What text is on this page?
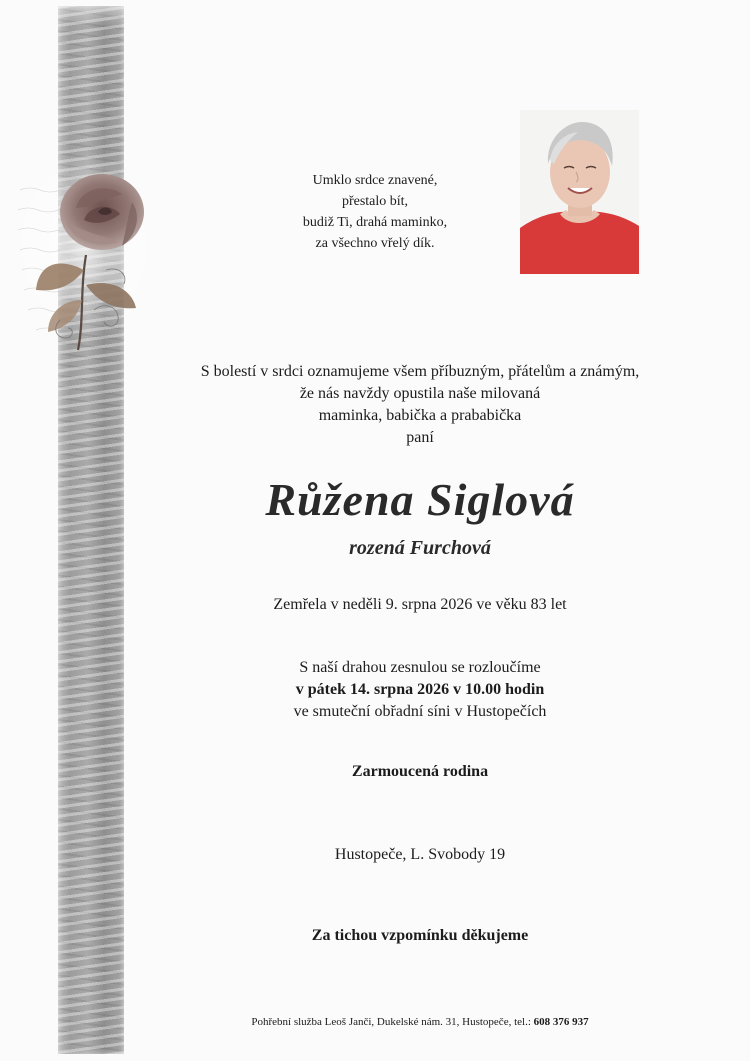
Umklo srdce znavené,
přestalo bít,
budiž Ti, drahá maminko,
za všechno vřelý dík.
S bolestí v srdci oznamujeme všem příbuzným, přátelům a známým,
že nás navždy opustila naše milovaná
maminka, babička a prababička
paní
Růžena Siglová
rozená Furchová
Zemřela v neděli 9. srpna 2026 ve věku 83 let
S naší drahou zesnulou se rozloučíme
v pátek 14. srpna 2026 v 10.00 hodin
ve smuteční obřadní síni v Hustopečích
Zarmoucená rodina
Hustopeče, L. Svobody 19
Za tichou vzpomínku děkujeme
Pohřební služba Leoš Janči, Dukelské nám. 31, Hustopeče, tel.: 608 376 937
